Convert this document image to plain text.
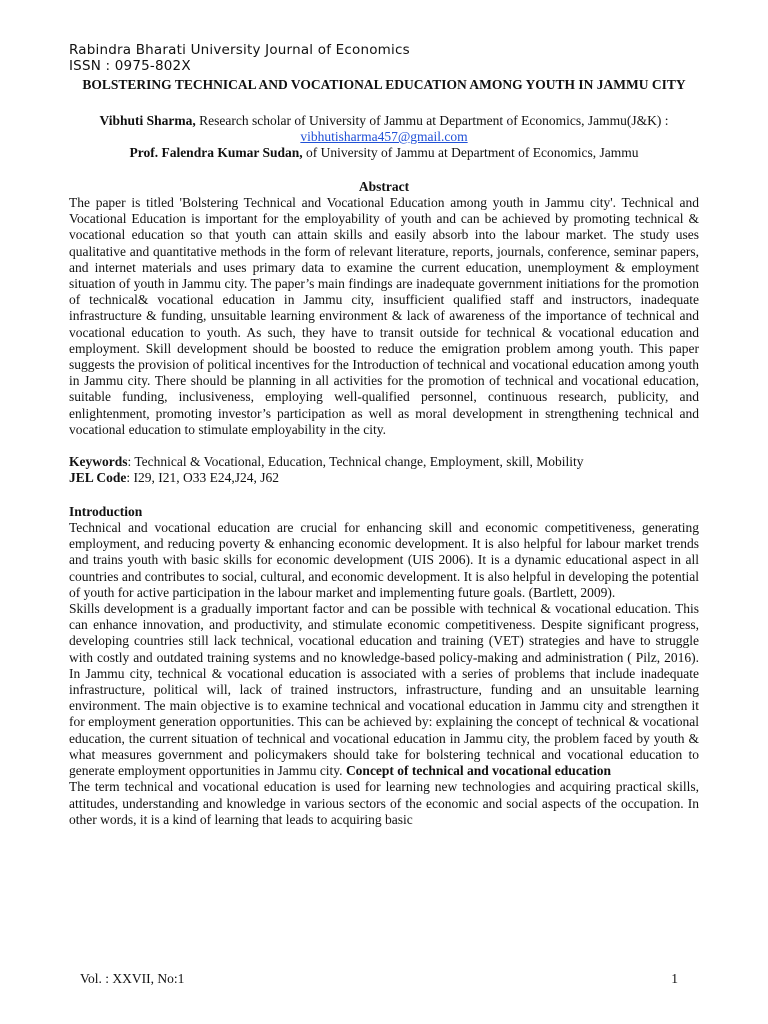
Rabindra Bharati University Journal of Economics
ISSN : 0975-802X
BOLSTERING TECHNICAL AND VOCATIONAL EDUCATION AMONG YOUTH IN JAMMU CITY
Vibhuti Sharma, Research scholar of University of Jammu at Department of Economics, Jammu(J&K) : vibhutisharma457@gmail.com
Prof. Falendra Kumar Sudan, of University of Jammu at Department of Economics, Jammu
Abstract

The paper is titled 'Bolstering Technical and Vocational Education among youth in Jammu city'. Technical and Vocational Education is important for the employability of youth and can be achieved by promoting technical & vocational education so that youth can attain skills and easily absorb into the labour market. The study uses qualitative and quantitative methods in the form of relevant literature, reports, journals, conference, seminar papers, and internet materials and uses primary data to examine the current education, unemployment & employment situation of youth in Jammu city. The paper’s main findings are inadequate government initiations for the promotion of technical& vocational education in Jammu city, insufficient qualified staff and instructors, inadequate infrastructure & funding, unsuitable learning environment & lack of awareness of the importance of technical and vocational education to youth. As such, they have to transit outside for technical & vocational education and employment. Skill development should be boosted to reduce the emigration problem among youth. This paper suggests the provision of political incentives for the Introduction of technical and vocational education among youth in Jammu city. There should be planning in all activities for the promotion of technical and vocational education, suitable funding, inclusiveness, employing well-qualified personnel, continuous research, publicity, and enlightenment, promoting investor’s participation as well as moral development in strengthening technical and vocational education to stimulate employability in the city.

Keywords: Technical & Vocational, Education, Technical change, Employment, skill, Mobility
JEL Code: I29, I21, O33 E24,J24, J62
Introduction

Technical and vocational education are crucial for enhancing skill and economic competitiveness, generating employment, and reducing poverty & enhancing economic development. It is also helpful for labour market trends and trains youth with basic skills for economic development (UIS 2006). It is a dynamic educational aspect in all countries and contributes to social, cultural, and economic development. It is also helpful in developing the potential of youth for active participation in the labour market and implementing future goals. (Bartlett, 2009).

Skills development is a gradually important factor and can be possible with technical & vocational education. This can enhance innovation, and productivity, and stimulate economic competitiveness. Despite significant progress, developing countries still lack technical, vocational education and training (VET) strategies and have to struggle with costly and outdated training systems and no knowledge-based policy-making and administration ( Pilz, 2016). In Jammu city, technical & vocational education is associated with a series of problems that include inadequate infrastructure, political will, lack of trained instructors, infrastructure, funding and an unsuitable learning environment. The main objective is to examine technical and vocational education in Jammu city and strengthen it for employment generation opportunities. This can be achieved by: explaining the concept of technical & vocational education, the current situation of technical and vocational education in Jammu city, the problem faced by youth & what measures government and policymakers should take for bolstering technical and vocational education to generate employment opportunities in Jammu city. Concept of technical and vocational education

The term technical and vocational education is used for learning new technologies and acquiring practical skills, attitudes, understanding and knowledge in various sectors of the economic and social aspects of the occupation. In other words, it is a kind of learning that leads to acquiring basic

Vol. : XXVII, No:1	1
